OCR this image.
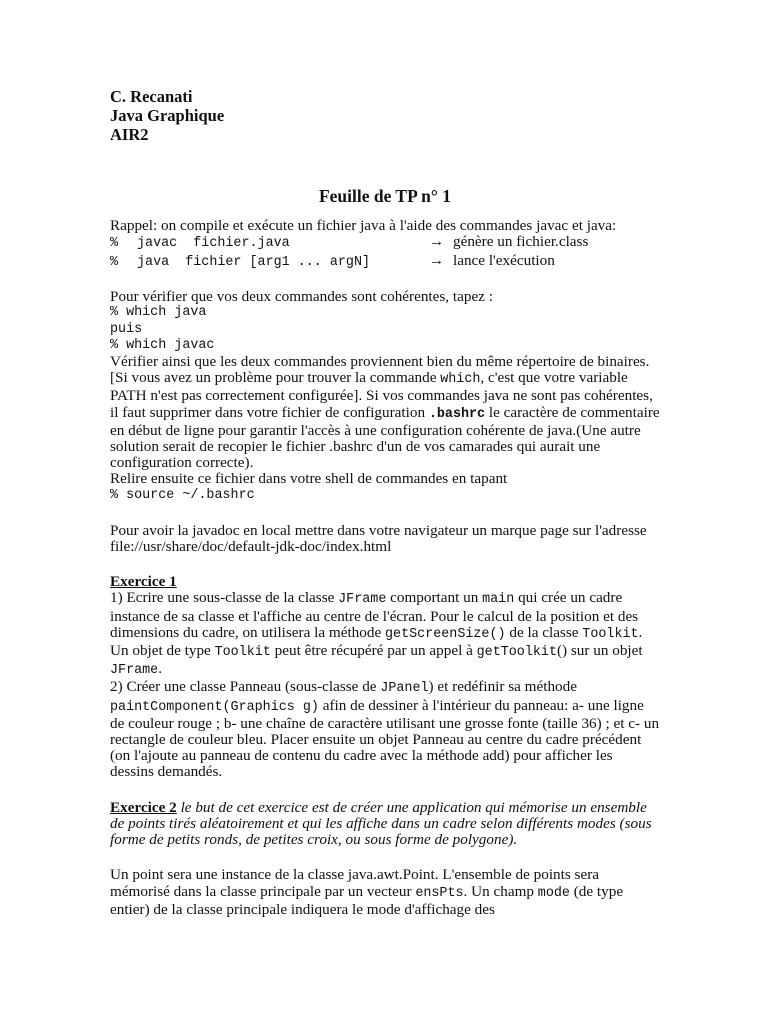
C. Recanati
Java Graphique
AIR2
Feuille de TP n° 1

Rappel: on compile et exécute un fichier java à l'aide des commandes javac et java:

%	javac  fichier.java	→ génère un fichier.class
%	java  fichier [arg1 ... argN]	→ lance l'exécution

Pour vérifier que vos deux commandes sont cohérentes, tapez :

% which java
puis
% which javac

Vérifier ainsi que les deux commandes proviennent bien du même répertoire de binaires. [Si vous avez un problème pour trouver la commande which, c'est que votre variable PATH n'est pas correctement configurée]. Si vos commandes java ne sont pas cohérentes, il faut supprimer dans votre fichier de configuration .bashrc le caractère de commentaire en début de ligne pour garantir l'accès à une configuration cohérente de java.(Une autre solution serait de recopier le fichier .bashrc d'un de vos camarades qui aurait une configuration correcte).

Relire ensuite ce fichier dans votre shell de commandes en tapant

% source ~/.bashrc

Pour avoir la javadoc en local mettre dans votre navigateur un marque page sur l'adresse file://usr/share/doc/default-jdk-doc/index.html

Exercice 1

1) Ecrire une sous-classe de la classe JFrame comportant un main qui crée un cadre instance de sa classe et l'affiche au centre de l'écran. Pour le calcul de la position et des dimensions du cadre, on utilisera la méthode getScreenSize() de la classe Toolkit. Un objet de type Toolkit peut être récupéré par un appel à getToolkit() sur un objet JFrame.

2) Créer une classe Panneau (sous-classe de JPanel) et redéfinir sa méthode paintComponent(Graphics g) afin de dessiner à l'intérieur du panneau: a- une ligne de couleur rouge ; b- une chaîne de caractère utilisant une grosse fonte (taille 36) ; et c- un rectangle de couleur bleu. Placer ensuite un objet Panneau au centre du cadre précédent (on l'ajoute au panneau de contenu du cadre avec la méthode add) pour afficher les dessins demandés.

Exercice 2 le but de cet exercice est de créer une application qui mémorise un ensemble de points tirés aléatoirement et qui les affiche dans un cadre selon différents modes (sous forme de petits ronds, de petites croix, ou sous forme de polygone).

Un point sera une instance de la classe java.awt.Point. L'ensemble de points sera mémorisé dans la classe principale par un vecteur ensPts. Un champ mode (de type entier) de la classe principale indiquera le mode d'affichage des
